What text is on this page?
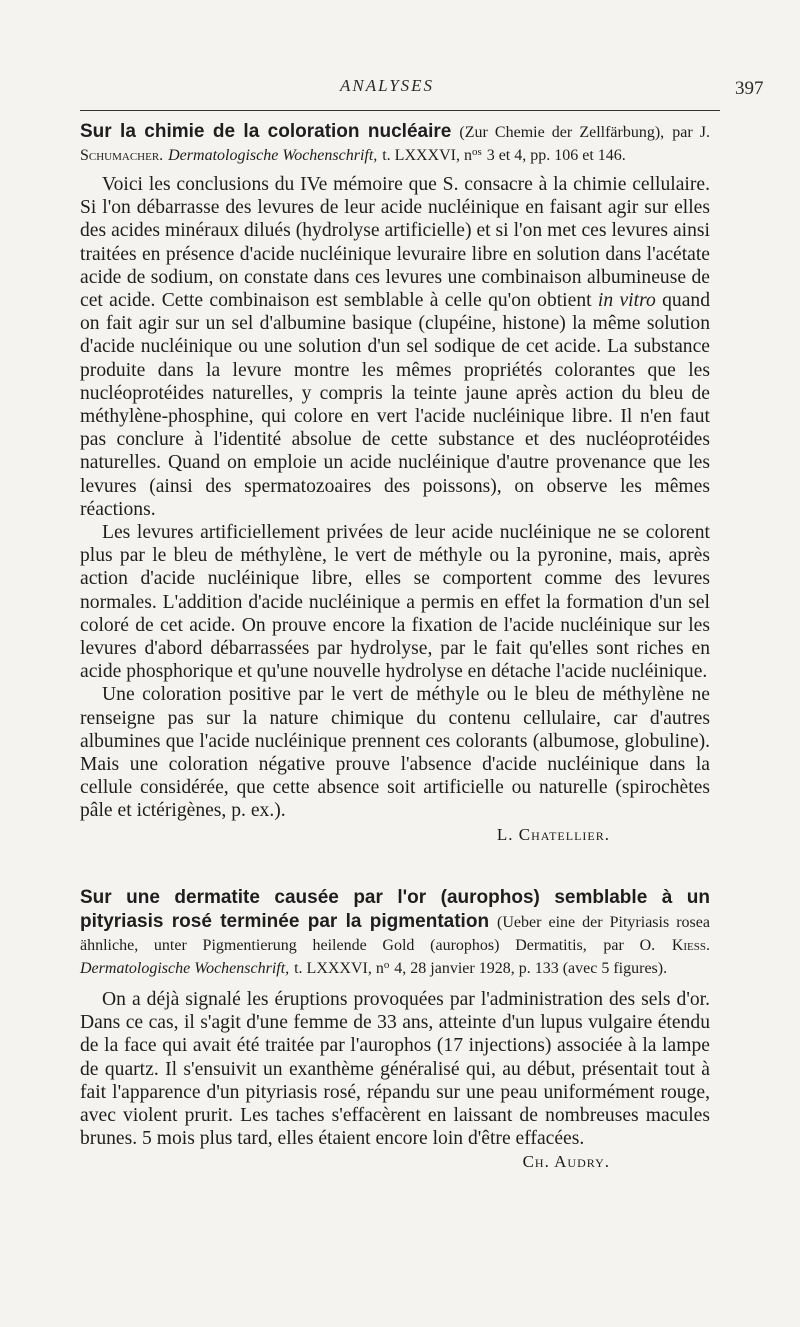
ANALYSES	397

Sur la chimie de la coloration nucléaire (Zur Chemie der Zellfärbung), par J. Schumacher. Dermatologische Wochenschrift, t. LXXXVI, $n^{os}$ 3 et 4, pp. 106 et 146.

Voici les conclusions du IVe mémoire que S. consacre à la chimie cellulaire. Si l'on débarrasse des levures de leur acide nucléinique en faisant agir sur elles des acides minéraux dilués (hydrolyse artificielle) et si l'on met ces levures ainsi traitées en présence d'acide nucléinique levuraire libre en solution dans l'acétate acide de sodium, on constate dans ces levures une combinaison albumineuse de cet acide. Cette combinaison est semblable à celle qu'on obtient in vitro quand on fait agir sur un sel d'albumine basique (clupéine, histone) la même solution d'acide nucléinique ou une solution d'un sel sodique de cet acide. La substance produite dans la levure montre les mêmes propriétés colorantes que les nucléoprotéides naturelles, y compris la teinte jaune après action du bleu de méthylène-phosphine, qui colore en vert l'acide nucléinique libre. Il n'en faut pas conclure à l'identité absolue de cette substance et des nucléoprotéides naturelles. Quand on emploie un acide nucléinique d'autre provenance que les levures (ainsi des spermatozoaires des poissons), on observe les mêmes réactions.

Les levures artificiellement privées de leur acide nucléinique ne se colorent plus par le bleu de méthylène, le vert de méthyle ou la pyronine, mais, après action d'acide nucléinique libre, elles se comportent comme des levures normales. L'addition d'acide nucléinique a permis en effet la formation d'un sel coloré de cet acide. On prouve encore la fixation de l'acide nucléinique sur les levures d'abord débarrassées par hydrolyse, par le fait qu'elles sont riches en acide phosphorique et qu'une nouvelle hydrolyse en détache l'acide nucléinique.

Une coloration positive par le vert de méthyle ou le bleu de méthylène ne renseigne pas sur la nature chimique du contenu cellulaire, car d'autres albumines que l'acide nucléinique prennent ces colorants (albumose, globuline). Mais une coloration négative prouve l'absence d'acide nucléinique dans la cellule considérée, que cette absence soit artificielle ou naturelle (spirochètes pâle et ictérigènes, p. ex.).

L. Chatellier.

Sur une dermatite causée par l'or (aurophos) semblable à un pityriasis rosé terminée par la pigmentation (Ueber eine der Pityriasis rosea ähnliche, unter Pigmentierung heilende Gold (aurophos) Dermatitis, par O. Kiess. Dermatologische Wochenschrift, t. LXXXVI, $n^o$ 4, 28 janvier 1928, p. 133 (avec 5 figures).

On a déjà signalé les éruptions provoquées par l'administration des sels d'or. Dans ce cas, il s'agit d'une femme de 33 ans, atteinte d'un lupus vulgaire étendu de la face qui avait été traitée par l'aurophos (17 injections) associée à la lampe de quartz. Il s'ensuivit un exanthème généralisé qui, au début, présentait tout à fait l'apparence d'un pityriasis rosé, répandu sur une peau uniformément rouge, avec violent prurit. Les taches s'effacèrent en laissant de nombreuses macules brunes. 5 mois plus tard, elles étaient encore loin d'être effacées.

Ch. Audry.
